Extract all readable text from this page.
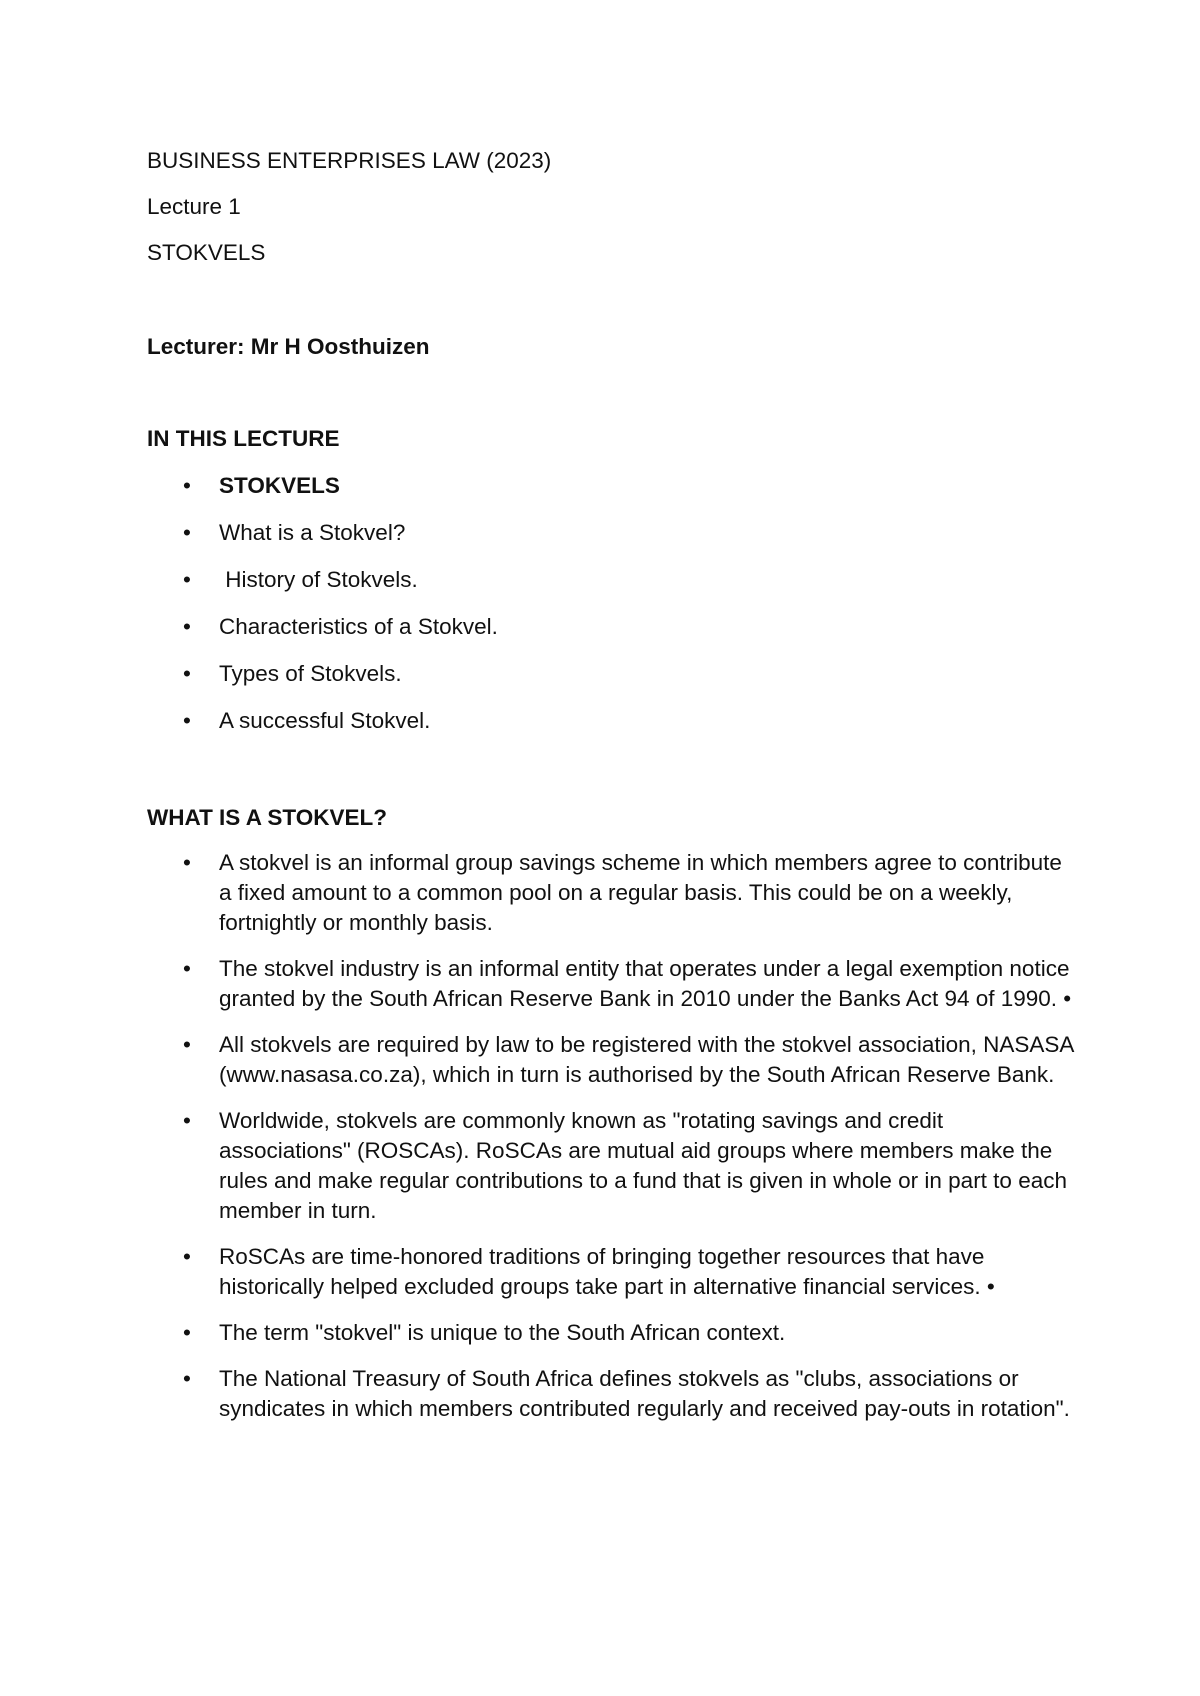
BUSINESS ENTERPRISES LAW (2023)

Lecture 1

STOKVELS

Lecturer: Mr H Oosthuizen

IN THIS LECTURE

•	STOKVELS
•	What is a Stokvel?
•	History of Stokvels.
•	Characteristics of a Stokvel.
•	Types of Stokvels.
•	A successful Stokvel.

WHAT IS A STOKVEL?

•	A stokvel is an informal group savings scheme in which members agree to contribute a fixed amount to a common pool on a regular basis. This could be on a weekly, fortnightly or monthly basis.
•	The stokvel industry is an informal entity that operates under a legal exemption notice granted by the South African Reserve Bank in 2010 under the Banks Act 94 of 1990. •
•	All stokvels are required by law to be registered with the stokvel association, NASASA (www.nasasa.co.za), which in turn is authorised by the South African Reserve Bank.
•	Worldwide, stokvels are commonly known as "rotating savings and credit associations" (ROSCAs). RoSCAs are mutual aid groups where members make the rules and make regular contributions to a fund that is given in whole or in part to each member in turn.
•	RoSCAs are time-honored traditions of bringing together resources that have historically helped excluded groups take part in alternative financial services. •
•	The term "stokvel" is unique to the South African context.
•	The National Treasury of South Africa defines stokvels as "clubs, associations or syndicates in which members contributed regularly and received pay-outs in rotation".
